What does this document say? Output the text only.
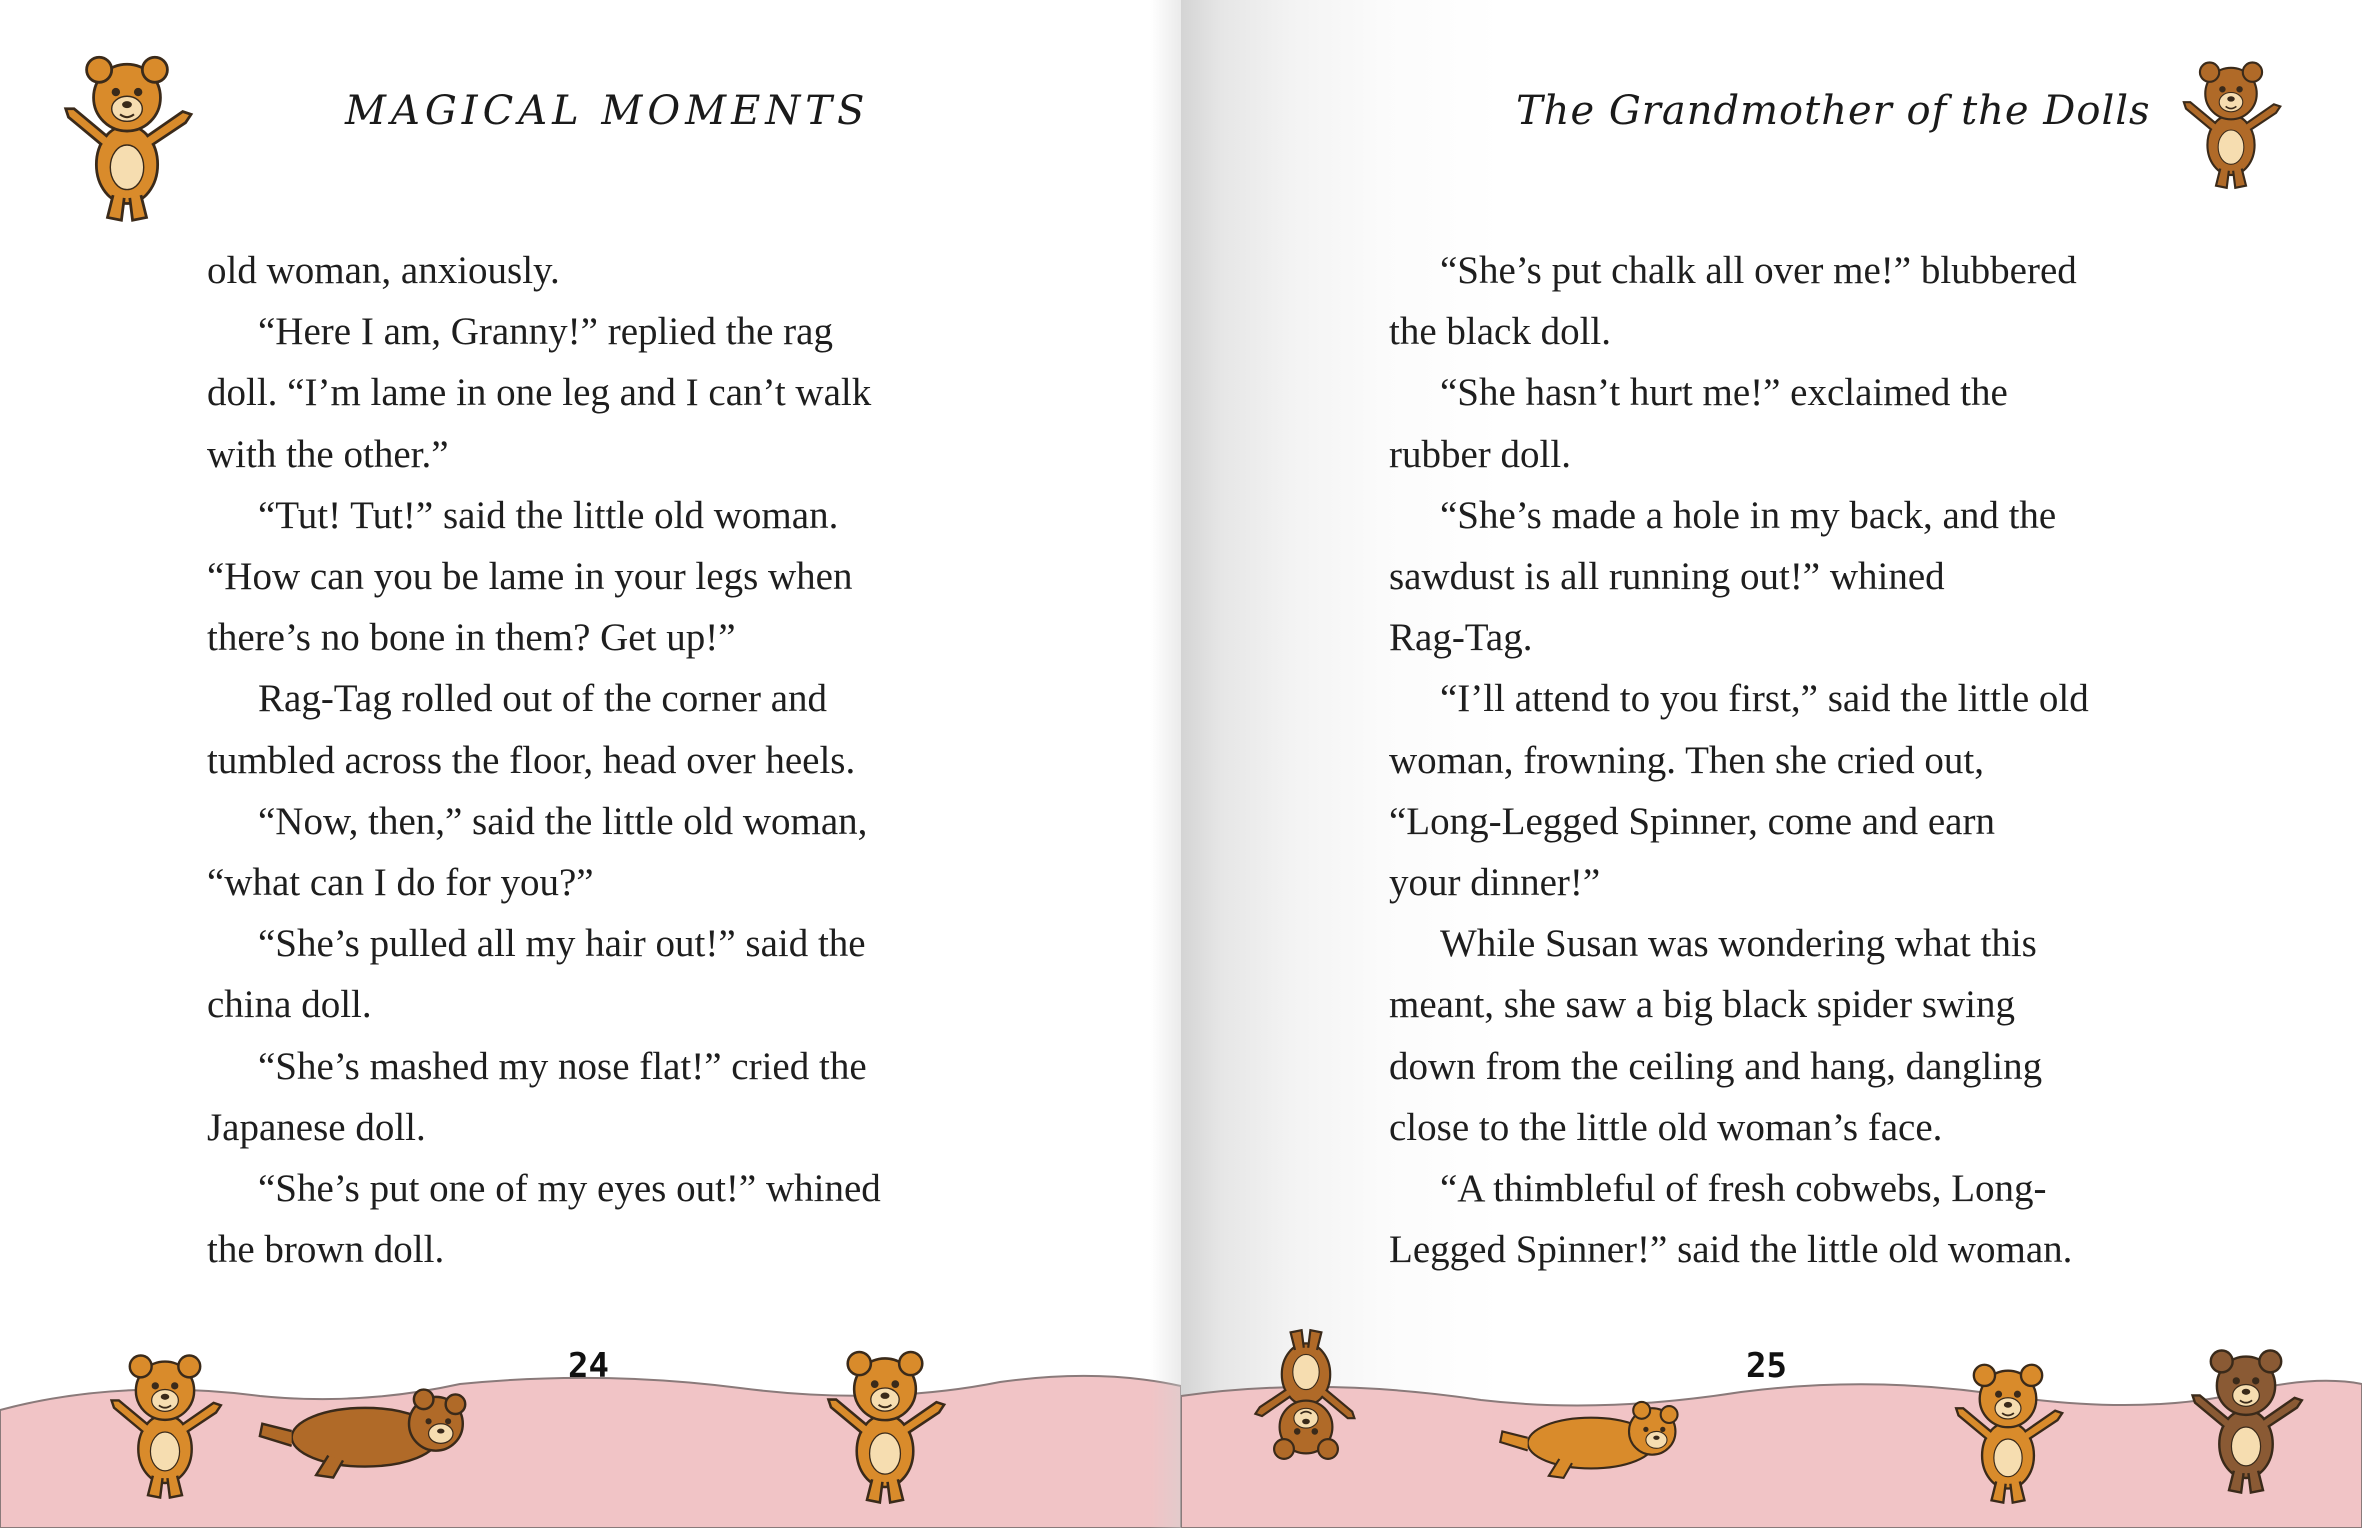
MAGICAL MOMENTS
old woman, anxiously.
“Here I am, Granny!” replied the rag
doll. “I’m lame in one leg and I can’t walk
with the other.”
“Tut! Tut!” said the little old woman.
“How can you be lame in your legs when
there’s no bone in them? Get up!”
Rag-Tag rolled out of the corner and
tumbled across the floor, head over heels.
“Now, then,” said the little old woman,
“what can I do for you?”
“She’s pulled all my hair out!” said the
china doll.
“She’s mashed my nose flat!” cried the
Japanese doll.
“She’s put one of my eyes out!” whined
the brown doll.
24
The Grandmother of the Dolls
“She’s put chalk all over me!” blubbered
the black doll.
“She hasn’t hurt me!” exclaimed the
rubber doll.
“She’s made a hole in my back, and the
sawdust is all running out!” whined
Rag-Tag.
“I’ll attend to you first,” said the little old
woman, frowning. Then she cried out,
“Long-Legged Spinner, come and earn
your dinner!”
While Susan was wondering what this
meant, she saw a big black spider swing
down from the ceiling and hang, dangling
close to the little old woman’s face.
“A thimbleful of fresh cobwebs, Long-
Legged Spinner!” said the little old woman.
25
